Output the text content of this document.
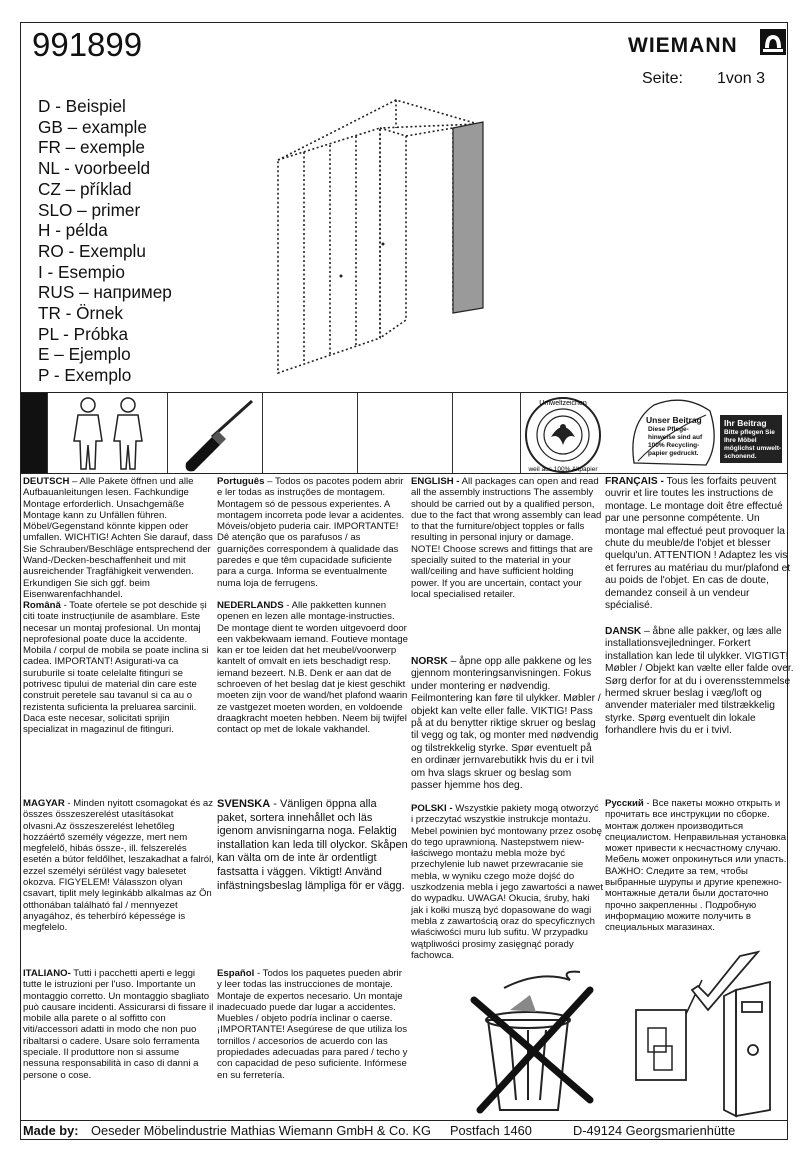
991899	WIEMANN
Seite: 1von 3
D - Beispiel
GB – example
FR – exemple
NL - voorbeeld
CZ – příklad
SLO – primer
H - példa
RO - Exemplu
I - Esempio
RUS – например
TR - Örnek
PL - Próbka
E – Ejemplo
P - Exemplo
Umweltzeichen
weil aus 100% Altpapier
Unser Beitrag
Diese Pflege-hinweise sind auf 100% Recycling-papier gedruckt.
Ihr Beitrag
Bitte pflegen Sie Ihre Möbel möglichst umwelt-schonend.
DEUTSCH – Alle Pakete öffnen und alle Aufbauanleitungen lesen. Fachkundige Montage erforderlich. Unsachgemäße Montage kann zu Unfällen führen. Möbel/Gegenstand könnte kippen oder umfallen. WICHTIG! Achten Sie darauf, dass Sie Schrauben/Beschläge entsprechend der Wand-/Decken-beschaffenheit und mit ausreichender Tragfähigkeit verwenden. Erkundigen Sie sich ggf. beim Eisenwarenfachhandel.
Română - Toate ofertele se pot deschide și citi toate instrucțiunile de asamblare. Este necesar un montaj profesional. Un montaj neprofesional poate duce la accidente. Mobila / corpul de mobila se poate inclina si cadea. IMPORTANT! Asigurati-va ca suruburile si toate celelalte fitinguri se potrivesc tipului de material din care este construit peretele sau tavanul si ca au o rezistenta suficienta la preluarea sarcinii. Daca este necesar, solicitati sprijin specializat in magazinul de fitinguri.
MAGYAR - Minden nyitott csomagokat és az összes összeszerelést utasításokat olvasni.Az összeszerelést lehetőleg hozzáértő személy végezze, mert nem megfelelő, hibás össze-, ill. felszerelés esetén a bútor feldőlhet, leszakadhat a falról, ezzel személyi sérülést vagy balesetet okozva. FIGYELEM! Válasszon olyan csavart, tiplit mely leginkább alkalmas az Ön otthonában található fal / mennyezet anyagához, és teherbíró képessége is megfelelo.
ITALIANO- Tutti i pacchetti aperti e leggi tutte le istruzioni per l'uso. Importante un montaggio corretto. Un montaggio sbagliato può causare incidenti. Assicurarsi di fissare il mobile alla parete o al soffitto con viti/accessori adatti in modo che non puo ribaltarsi o cadere. Usare solo ferramenta speciale. Il produttore non si assume nessuna responsabilità in caso di danni a persone o cose.
Português – Todos os pacotes podem abrir e ler todas as instruções de montagem. Montagem só de pessous experientes. A montagem incorreta pode levar a acidentes. Móveis/objeto puderia cair. IMPORTANTE! Dê atenção que os parafusos / as guarnições correspondem à qualidade das paredes e que têm cupacidade suficiente para a curga. Informa se eventualmente numa loja de ferrugens.
NEDERLANDS - Alle pakketten kunnen openen en lezen alle montage-instructies. De montage dient te worden uitgevoerd door een vakbekwaam iemand. Foutieve montage kan er toe leiden dat het meubel/voorwerp kantelt of omvalt en iets beschadigt resp. iemand bezeert. N.B. Denk er aan dat de schroeven of het beslag dat je kiest geschikt moeten zijn voor de wand/het plafond waarin ze vastgezet moeten worden, en voldoende draagkracht moeten hebben. Neem bij twijfel contact op met de lokale vakhandel.
SVENSKA - Vänligen öppna alla paket, sortera innehållet och läs igenom anvisningarna noga. Felaktig installation kan leda till olyckor. Skåpen kan välta om de inte är ordentligt fastsatta i väggen. Viktigt! Använd infästningsbeslag lämpliga för er vägg.
Español - Todos los paquetes pueden abrir y leer todas las instrucciones de montaje. Montaje de expertos necesario. Un montaje inadecuado puede dar lugar a accidentes. Muebles / objeto podría inclinar o caerse. ¡IMPORTANTE! Asegúrese de que utiliza los tornillos / accesorios de acuerdo con las propiedades adecuadas para pared / techo y con capacidad de peso suficiente. Infórmese en su ferretería.
ENGLISH - All packages can open and read all the assembly instructions The assembly should be carried out by a qualified person, due to the fact that wrong assembly can lead to that the furniture/object topples or falls resulting in personal injury or damage. NOTE! Choose screws and fittings that are specially suited to the material in your wall/ceiling and have sufficient holding power. If you are uncertain, contact your local specialised retailer.
NORSK – åpne opp alle pakkene og les gjennom monteringsanvisningen. Fokus under montering er nødvendig. Feilmontering kan føre til ulykker. Møbler / objekt kan velte eller falle. VIKTIG! Pass på at du benytter riktige skruer og beslag til vegg og tak, og monter med nødvendig og tilstrekkelig styrke. Spør eventuelt på en ordinær jernvarebutikk hvis du er i tvil om hva slags skruer og beslag som passer hjemme hos deg.
POLSKI - Wszystkie pakiety mogą otworzyć i przeczytać wszystkie instrukcje montażu. Mebel powinien być montowany przez osobę do tego uprawnioną. Nastepstwem niew-łaściwego montażu mebla może być przechylenie lub nawet przewracanie sie mebla, w wyniku czego może dojść do uszkodzenia mebla i jego zawartości a nawet do wypadku. UWAGA! Okucia, śruby, haki jak i kołki muszą być dopasowane do wagi mebla z zawartością oraz do specyficznych właściwości muru lub sufitu. W przypadku wątpliwości prosimy zasięgnąć porady fachowca.
FRANÇAIS - Tous les forfaits peuvent ouvrir et lire toutes les instructions de montage. Le montage doit être effectué par une personne compétente. Un montage mal effectué peut provoquer la chute du meuble/de l'objet et blesser quelqu'un. ATTENTION ! Adaptez les vis et ferrures au matériau du mur/plafond et au poids de l'objet. En cas de doute, demandez conseil à un vendeur spécialisé.
DANSK – åbne alle pakker, og læs alle installationsvejledninger. Forkert installation kan lede til ulykker. VIGTIGT! Møbler / Objekt kan vælte eller falde over. Sørg derfor for at du i overensstemmelse hermed skruer beslag i væg/loft og anvender materialer med tilstrækkelig styrke. Spørg eventuelt din lokale forhandlere hvis du er i tvivl.
Русский - Все пакеты можно открыть и прочитать все инструкции по сборке. монтаж должен производиться специалистом. Неправильная установка может привести к несчастному случаю. Мебель может опрокинуться или упасть. ВАЖНО: Следите за тем, чтобы выбранные шурупы и другие крепежно-монтажные детали были достаточно прочно закрепленны . Подробную информацию можите получить в специальных магазинах.
Made by: Oeseder Möbelindustrie Mathias Wiemann GmbH & Co. KG Postfach 1460	D-49124 Georgsmarienhütte
